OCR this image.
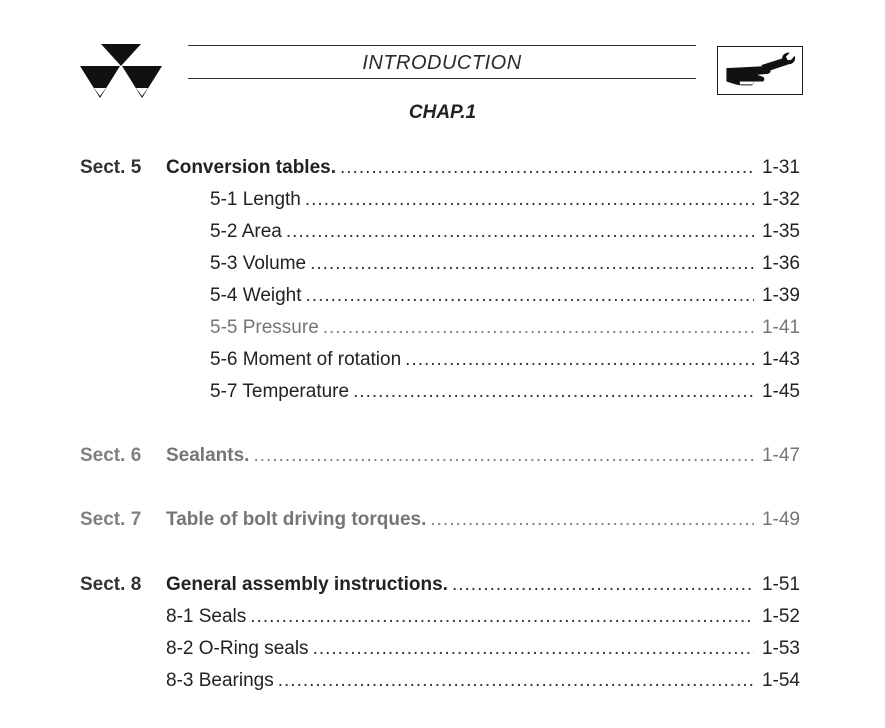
INTRODUCTION
CHAP.1
Sect. 5	Conversion tables. .....	1-31
5-1 Length .....	1-32
5-2 Area .....	1-35
5-3 Volume .....	1-36
5-4 Weight .....	1-39
5-5 Pressure .....	1-41
5-6 Moment of rotation .....	1-43
5-7 Temperature .....	1-45
Sect. 6	Sealants. .....	1-47
Sect. 7	Table of bolt driving torques. .....	1-49
Sect. 8	General assembly instructions. .....	1-51
8-1 Seals .....	1-52
8-2 O-Ring seals .....	1-53
8-3 Bearings .....	1-54
